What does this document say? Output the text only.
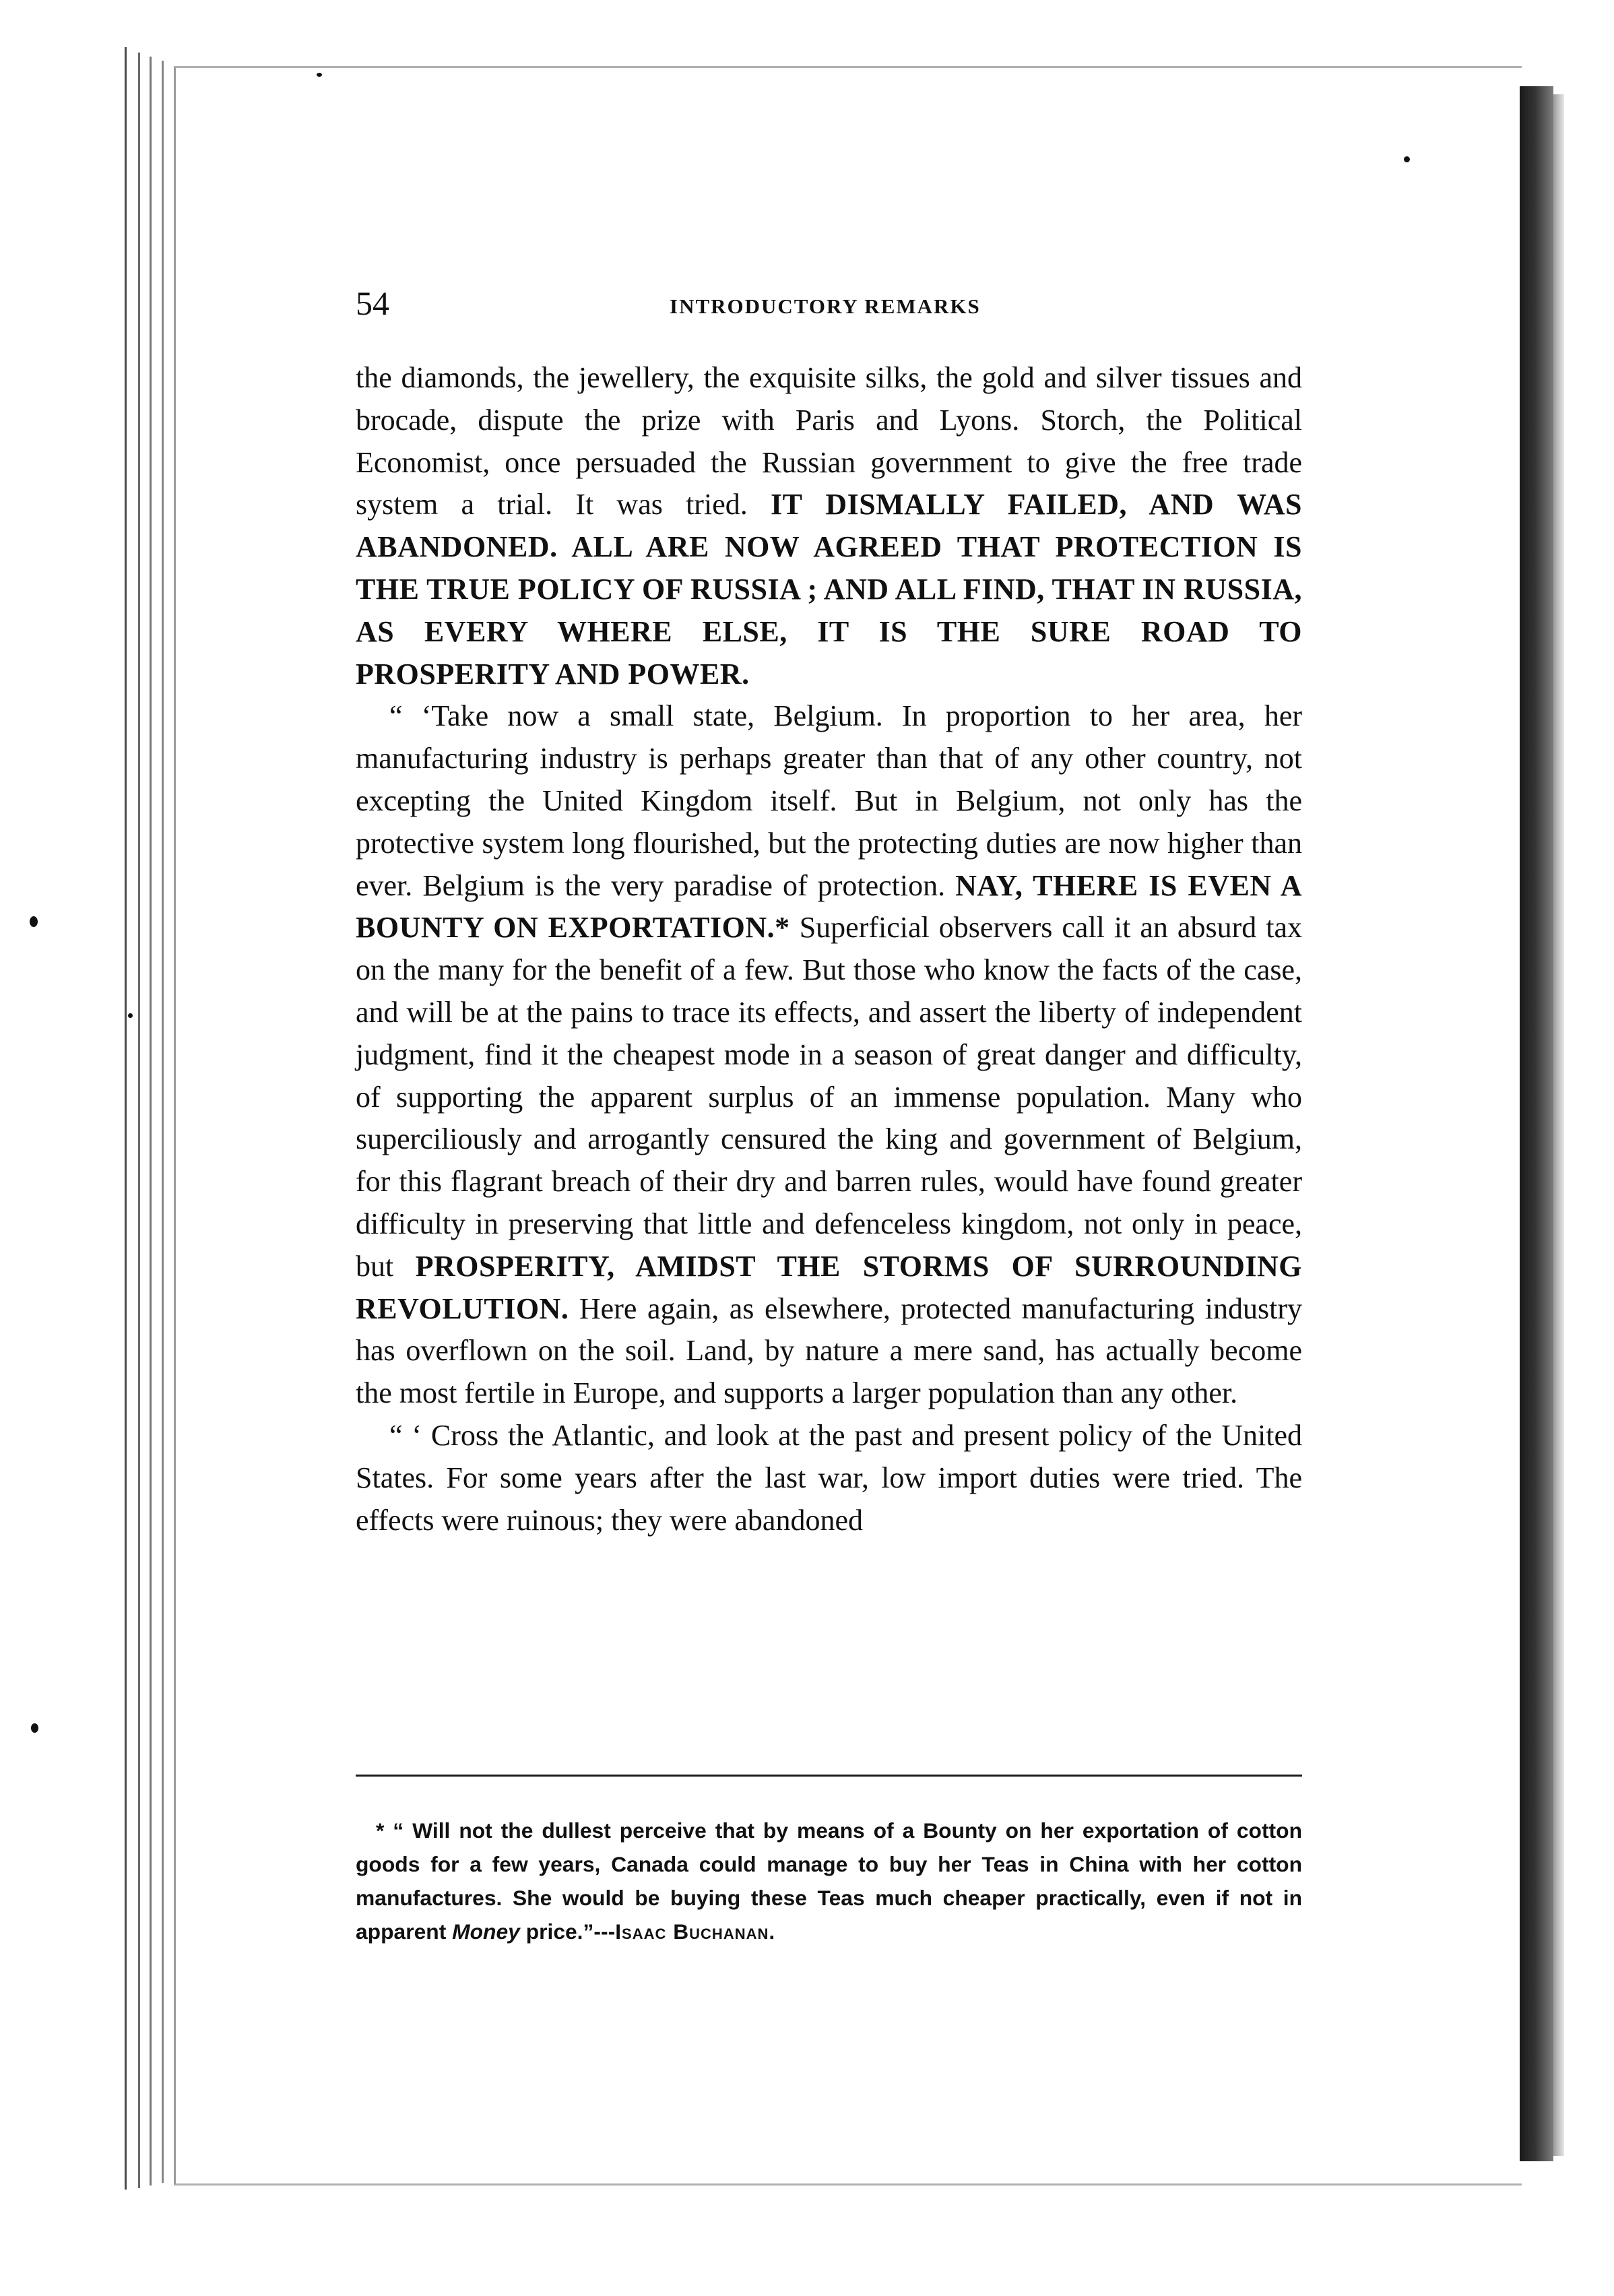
54	INTRODUCTORY REMARKS

the diamonds, the jewellery, the exquisite silks, the gold and silver tissues and brocade, dispute the prize with Paris and Lyons. Storch, the Political Economist, once persuaded the Russian government to give the free trade system a trial. It was tried. IT DISMALLY FAILED, AND WAS ABANDONED. ALL ARE NOW AGREED THAT PROTECTION IS THE TRUE POLICY OF RUSSIA ; AND ALL FIND, THAT IN RUSSIA, AS EVERY WHERE ELSE, IT IS THE SURE ROAD TO PROSPERITY AND POWER.

“ ‘Take now a small state, Belgium. In proportion to her area, her manufacturing industry is perhaps greater than that of any other country, not excepting the United Kingdom itself. But in Belgium, not only has the protective system long flourished, but the protecting duties are now higher than ever. Belgium is the very paradise of protection. NAY, THERE IS EVEN A BOUNTY ON EXPORTATION.* Superficial observers call it an absurd tax on the many for the benefit of a few. But those who know the facts of the case, and will be at the pains to trace its effects, and assert the liberty of independent judgment, find it the cheapest mode in a season of great danger and difficulty, of supporting the apparent surplus of an immense population. Many who superciliously and arrogantly censured the king and government of Belgium, for this flagrant breach of their dry and barren rules, would have found greater difficulty in preserving that little and defenceless kingdom, not only in peace, but PROSPERITY, AMIDST THE STORMS OF SURROUNDING REVOLUTION. Here again, as elsewhere, protected manufacturing industry has overflown on the soil. Land, by nature a mere sand, has actually become the most fertile in Europe, and supports a larger population than any other.

“ ‘ Cross the Atlantic, and look at the past and present policy of the United States. For some years after the last war, low import duties were tried. The effects were ruinous; they were abandoned

* “ Will not the dullest perceive that by means of a Bounty on her exportation of cotton goods for a few years, Canada could manage to buy her Teas in China with her cotton manufactures. She would be buying these Teas much cheaper practically, even if not in apparent Money price.”---Isaac Buchanan.
